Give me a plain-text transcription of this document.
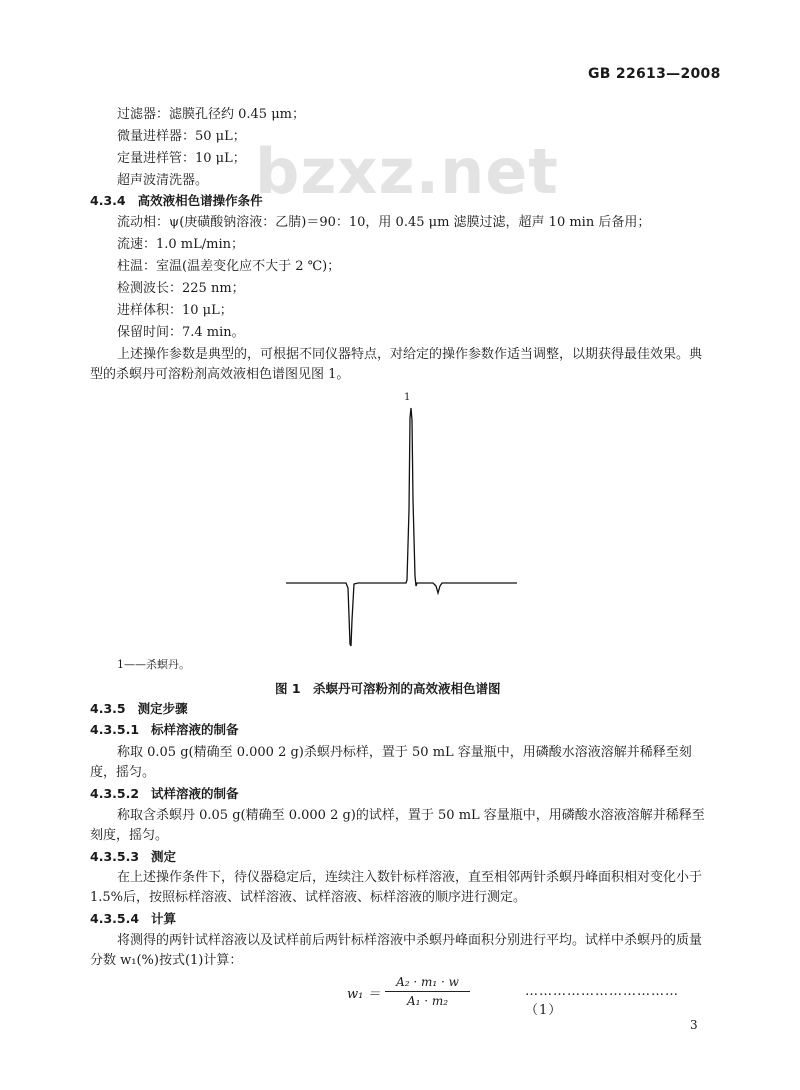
GB 22613—2008
bzxz.net
过滤器：滤膜孔径约 0.45 μm；
微量进样器：50 μL；
定量进样管：10 μL；
超声波清洗器。
4.3.4 高效液相色谱操作条件
流动相：ψ(庚磺酸钠溶液：乙腈)＝90：10，用 0.45 μm 滤膜过滤，超声 10 min 后备用；
流速：1.0 mL/min；
柱温：室温(温差变化应不大于 2 ℃)；
检测波长：225 nm；
进样体积：10 μL；
保留时间：7.4 min。
上述操作参数是典型的，可根据不同仪器特点，对给定的操作参数作适当调整，以期获得最佳效果。典型的杀螟丹可溶粉剂高效液相色谱图见图 1。
1
1——杀螟丹。
图 1　杀螟丹可溶粉剂的高效液相色谱图
4.3.5 测定步骤
4.3.5.1 标样溶液的制备
称取 0.05 g(精确至 0.000 2 g)杀螟丹标样，置于 50 mL 容量瓶中，用磷酸水溶液溶解并稀释至刻度，摇匀。
4.3.5.2 试样溶液的制备
称取含杀螟丹 0.05 g(精确至 0.000 2 g)的试样，置于 50 mL 容量瓶中，用磷酸水溶液溶解并稀释至刻度，摇匀。
4.3.5.3 测定
在上述操作条件下，待仪器稳定后，连续注入数针标样溶液，直至相邻两针杀螟丹峰面积相对变化小于 1.5%后，按照标样溶液、试样溶液、试样溶液、标样溶液的顺序进行测定。
4.3.5.4 计算
将测得的两针试样溶液以及试样前后两针标样溶液中杀螟丹峰面积分别进行平均。试样中杀螟丹的质量分数 w₁(%)按式(1)计算：
w₁ ＝
A₂ · m₁ · w
A₁ · m₂
……………………………（1）
3
